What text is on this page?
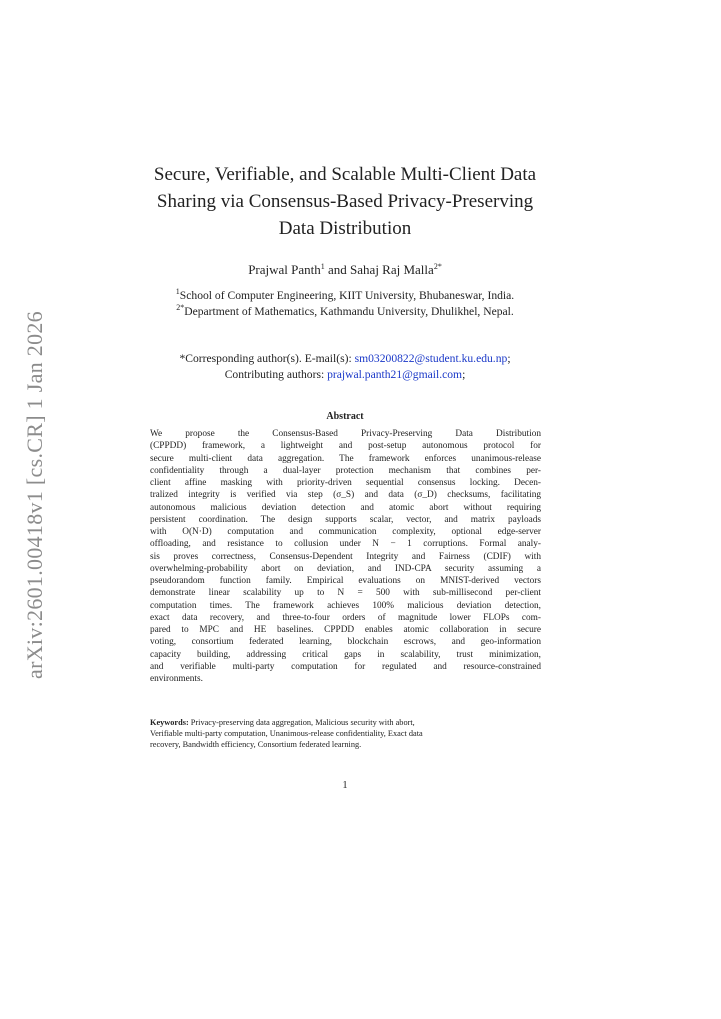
arXiv:2601.00418v1 [cs.CR] 1 Jan 2026
Secure, Verifiable, and Scalable Multi-Client Data
Sharing via Consensus-Based Privacy-Preserving
Data Distribution
Prajwal Panth$^1$ and Sahaj Raj Malla$^{2*}$
$^1$School of Computer Engineering, KIIT University, Bhubaneswar, India.
$^{2*}$Department of Mathematics, Kathmandu University, Dhulikhel, Nepal.
*Corresponding author(s). E-mail(s): sm03200822@student.ku.edu.np;
Contributing authors: prajwal.panth21@gmail.com;
Abstract
We propose the Consensus-Based Privacy-Preserving Data Distribution
(CPPDD) framework, a lightweight and post-setup autonomous protocol for
secure multi-client data aggregation. The framework enforces unanimous-release
confidentiality through a dual-layer protection mechanism that combines per-
client affine masking with priority-driven sequential consensus locking. Decen-
tralized integrity is verified via step (σ_S) and data (σ_D) checksums, facilitating
autonomous malicious deviation detection and atomic abort without requiring
persistent coordination. The design supports scalar, vector, and matrix payloads
with O(N·D) computation and communication complexity, optional edge-server
offloading, and resistance to collusion under N − 1 corruptions. Formal analy-
sis proves correctness, Consensus-Dependent Integrity and Fairness (CDIF) with
overwhelming-probability abort on deviation, and IND-CPA security assuming a
pseudorandom function family. Empirical evaluations on MNIST-derived vectors
demonstrate linear scalability up to N = 500 with sub-millisecond per-client
computation times. The framework achieves 100% malicious deviation detection,
exact data recovery, and three-to-four orders of magnitude lower FLOPs com-
pared to MPC and HE baselines. CPPDD enables atomic collaboration in secure
voting, consortium federated learning, blockchain escrows, and geo-information
capacity building, addressing critical gaps in scalability, trust minimization,
and verifiable multi-party computation for regulated and resource-constrained
environments.
Keywords: Privacy-preserving data aggregation, Malicious security with abort,
Verifiable multi-party computation, Unanimous-release confidentiality, Exact data
recovery, Bandwidth efficiency, Consortium federated learning.
1
